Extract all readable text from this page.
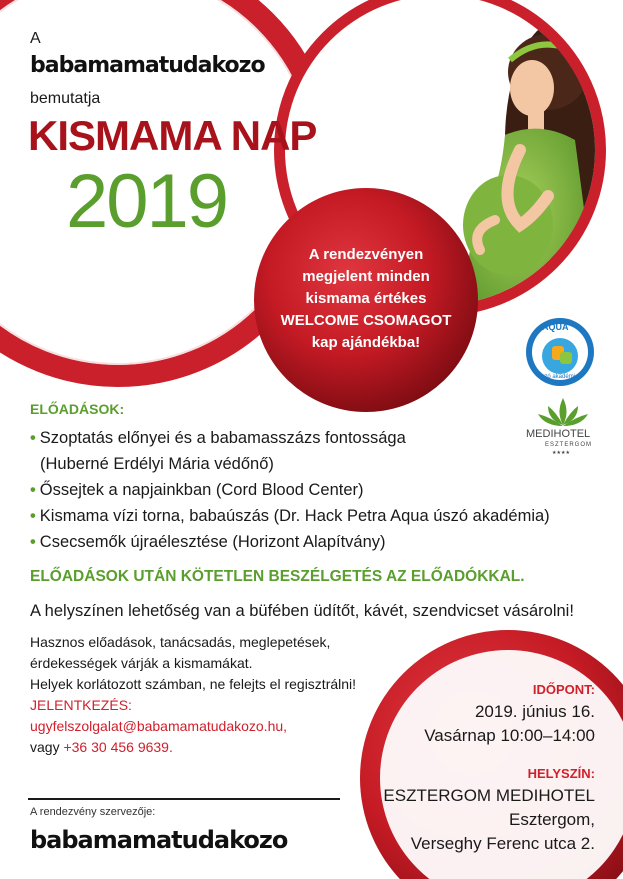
A
babamamatudakozo
bemutatja
KISMAMA NAP
2019
A rendezvényen
megjelent minden
kismama értékes
WELCOME CSOMAGOT
kap ajándékba!
AQUA
úszó akadémia
MEDIHOTEL
ESZTERGOM
★★★★
ELŐADÁSOK:
• Szoptatás előnyei és a babamasszázs fontossága
(Huberné Erdélyi Mária védőnő)
• Őssejtek a napjainkban (Cord Blood Center)
• Kismama vízi torna, babaúszás (Dr. Hack Petra Aqua úszó akadémia)
• Csecsemők újraélesztése (Horizont Alapítvány)
ELŐADÁSOK UTÁN KÖTETLEN BESZÉLGETÉS AZ ELŐADÓKKAL.
A helyszínen lehetőség van a büfében üdítőt, kávét, szendvicset vásárolni!
Hasznos előadások, tanácsadás, meglepetések,
érdekességek várják a kismamákat.
Helyek korlátozott számban, ne felejts el regisztrálni!
JELENTKEZÉS:
ugyfelszolgalat@babamamatudakozo.hu,
vagy +36 30 456 9639.
IDŐPONT:
2019. június 16.
Vasárnap 10:00–14:00
HELYSZÍN:
ESZTERGOM MEDIHOTEL
Esztergom,
Verseghy Ferenc utca 2.
A rendezvény szervezője:
babamamatudakozo
